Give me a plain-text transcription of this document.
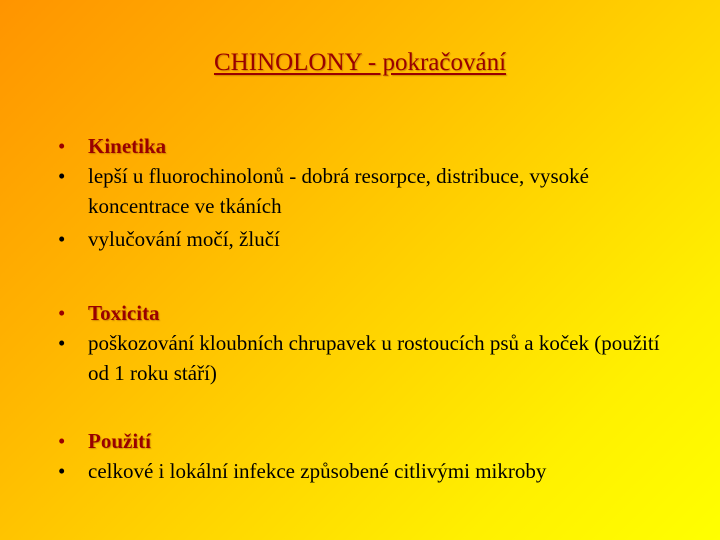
CHINOLONY - pokračování
•	Kinetika
•	lepší u fluorochinolonů - dobrá resorpce, distribuce, vysoké koncentrace ve tkáních
•	vylučování močí, žlučí
•	Toxicita
•	poškozování kloubních chrupavek u rostoucích psů a koček (použití od 1 roku stáří)
•	Použití
•	celkové i lokální infekce způsobené citlivými mikroby
